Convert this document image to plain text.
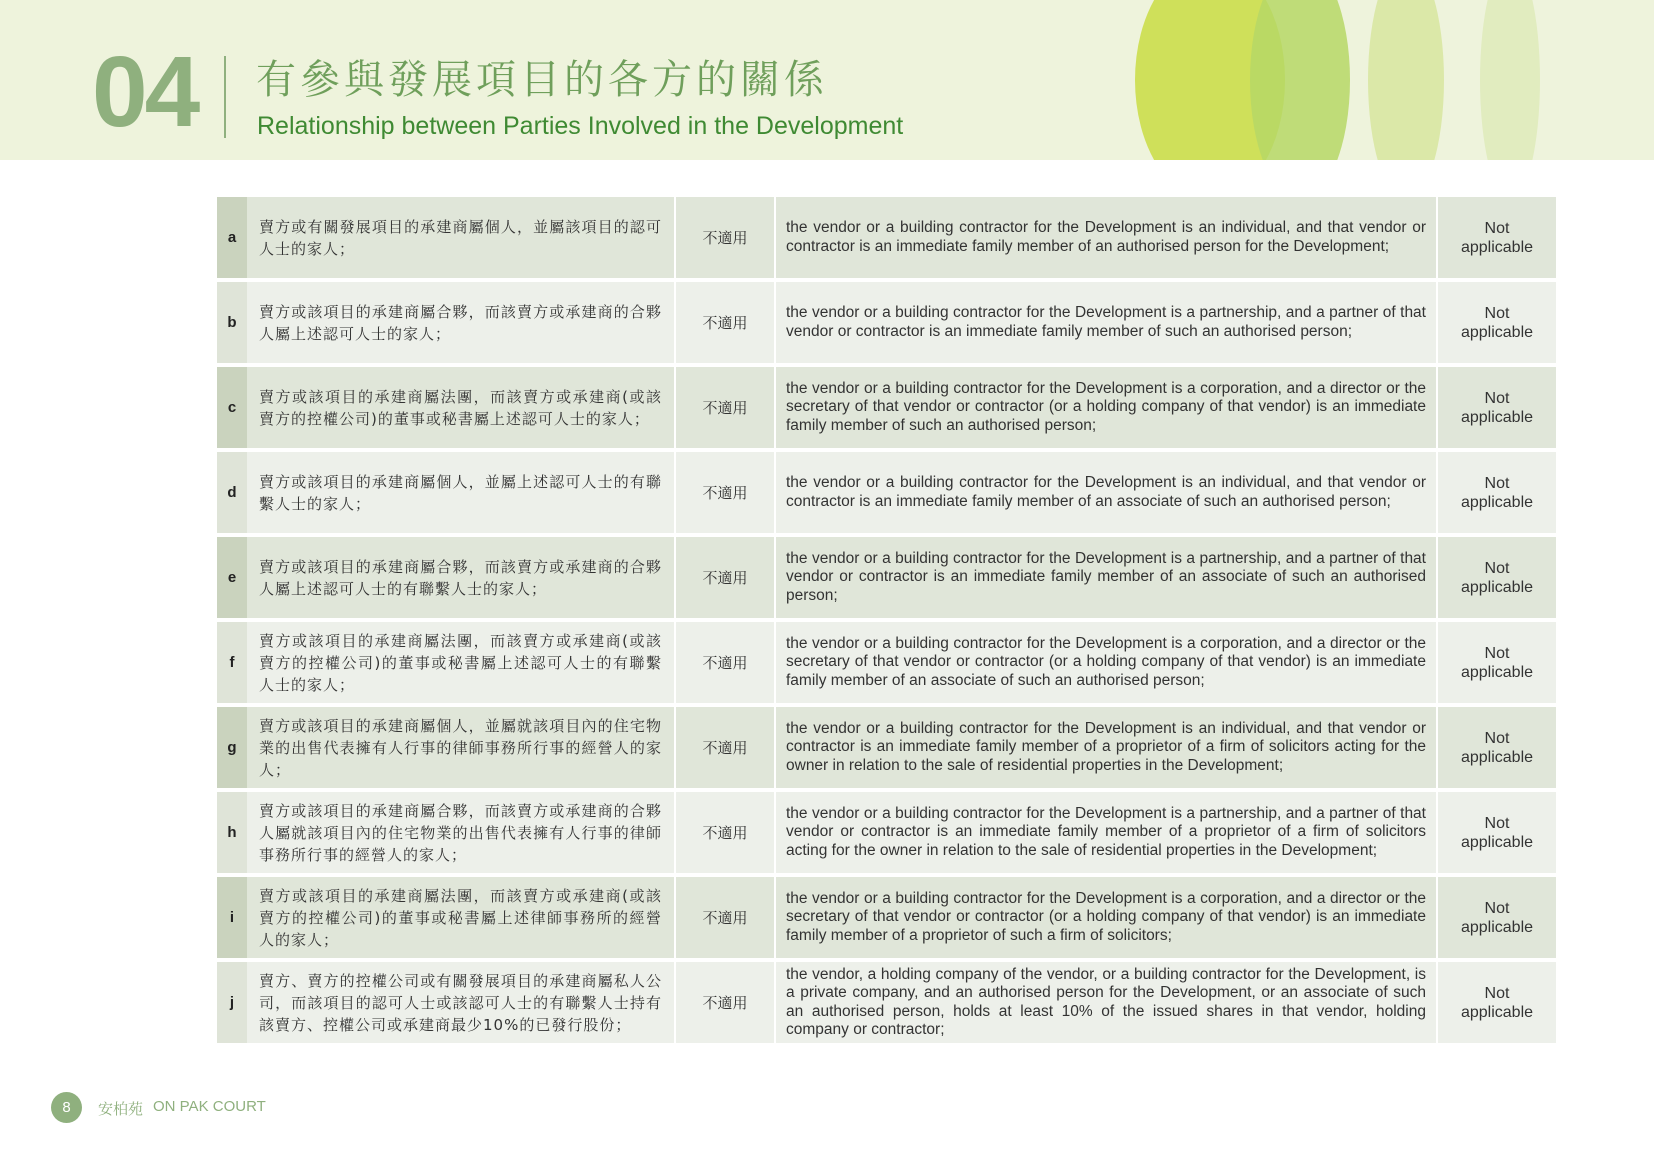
04 有參與發展項目的各方的關係
Relationship between Parties Involved in the Development
a	賣方或有關發展項目的承建商屬個人，並屬該項目的認可人士的家人；	不適用	the vendor or a building contractor for the Development is an individual, and that vendor or contractor is an immediate family member of an authorised person for the Development;	Not
applicable

b	賣方或該項目的承建商屬合夥，而該賣方或承建商的合夥人屬上述認可人士的家人；	不適用	the vendor or a building contractor for the Development is a partnership, and a partner of that vendor or contractor is an immediate family member of such an authorised person;	Not
applicable

c	賣方或該項目的承建商屬法團，而該賣方或承建商(或該賣方的控權公司)的董事或秘書屬上述認可人士的家人；	不適用	the vendor or a building contractor for the Development is a corporation, and a director or the secretary of that vendor or contractor (or a holding company of that vendor) is an immediate family member of such an authorised person;	Not
applicable

d	賣方或該項目的承建商屬個人，並屬上述認可人士的有聯繫人士的家人；	不適用	the vendor or a building contractor for the Development is an individual, and that vendor or contractor is an immediate family member of an associate of such an authorised person;	Not
applicable

e	賣方或該項目的承建商屬合夥，而該賣方或承建商的合夥人屬上述認可人士的有聯繫人士的家人；	不適用	the vendor or a building contractor for the Development is a partnership, and a partner of that vendor or contractor is an immediate family member of an associate of such an authorised person;	Not
applicable

f	賣方或該項目的承建商屬法團，而該賣方或承建商(或該賣方的控權公司)的董事或秘書屬上述認可人士的有聯繫人士的家人；	不適用	the vendor or a building contractor for the Development is a corporation, and a director or the secretary of that vendor or contractor (or a holding company of that vendor) is an immediate family member of an associate of such an authorised person;	Not
applicable

g	賣方或該項目的承建商屬個人，並屬就該項目內的住宅物業的出售代表擁有人行事的律師事務所行事的經營人的家人；	不適用	the vendor or a building contractor for the Development is an individual, and that vendor or contractor is an immediate family member of a proprietor of a firm of solicitors acting for the owner in relation to the sale of residential properties in the Development;	Not
applicable

h	賣方或該項目的承建商屬合夥，而該賣方或承建商的合夥人屬就該項目內的住宅物業的出售代表擁有人行事的律師事務所行事的經營人的家人；	不適用	the vendor or a building contractor for the Development is a partnership, and a partner of that vendor or contractor is an immediate family member of a proprietor of a firm of solicitors acting for the owner in relation to the sale of residential properties in the Development;	Not
applicable

i	賣方或該項目的承建商屬法團，而該賣方或承建商(或該賣方的控權公司)的董事或秘書屬上述律師事務所的經營人的家人；	不適用	the vendor or a building contractor for the Development is a corporation, and a director or the secretary of that vendor or contractor (or a holding company of that vendor) is an immediate family member of a proprietor of such a firm of solicitors;	Not
applicable

j	賣方、賣方的控權公司或有關發展項目的承建商屬私人公司，而該項目的認可人士或該認可人士的有聯繫人士持有該賣方、控權公司或承建商最少10%的已發行股份；	不適用	the vendor, a holding company of the vendor, or a building contractor for the Development, is a private company, and an authorised person for the Development, or an associate of such an authorised person, holds at least 10% of the issued shares in that vendor, holding company or contractor;	Not
applicable
8	安柏苑 ON PAK COURT
